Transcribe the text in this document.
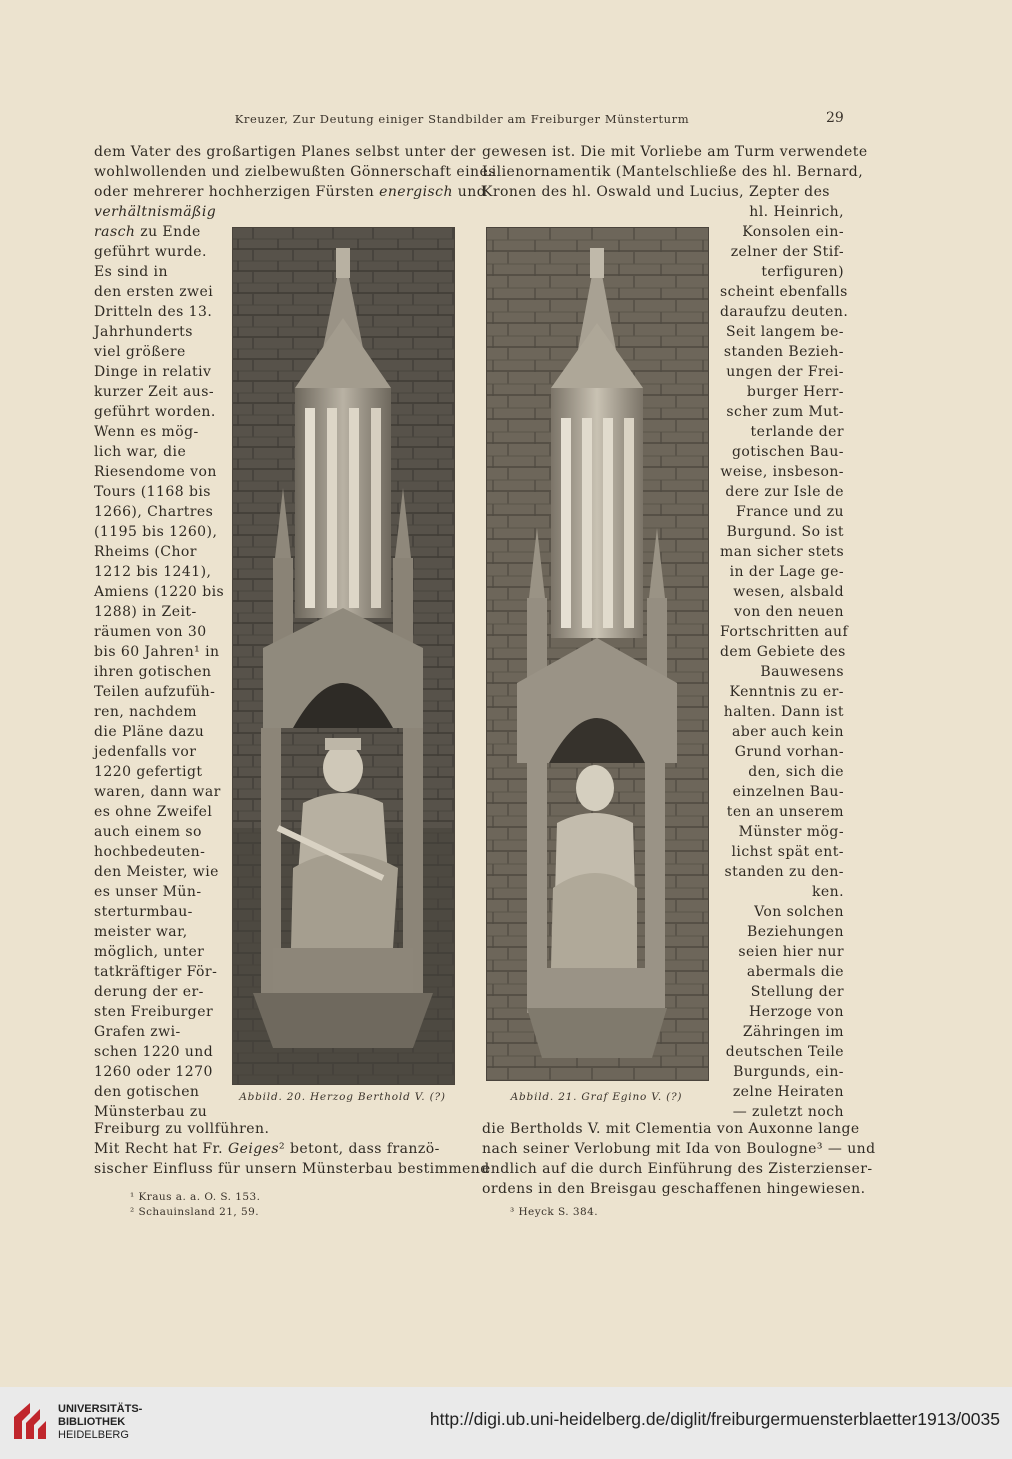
Kreuzer, Zur Deutung einiger Standbilder am Freiburger Münsterturm	29
dem Vater des großartigen Planes selbst unter der
wohlwollenden und zielbewußten Gönnerschaft eines
oder mehrerer hochherzigen Fürsten energisch und
verhältnismäßig
rasch zu Ende
geführt wurde.
Es sind in
den ersten zwei
Dritteln des 13.
Jahrhunderts
viel größere
Dinge in relativ
kurzer Zeit aus-
geführt worden.
Wenn es mög-
lich war, die
Riesendome von
Tours (1168 bis
1266), Chartres
(1195 bis 1260),
Rheims (Chor
1212 bis 1241),
Amiens (1220 bis
1288) in Zeit-
räumen von 30
bis 60 Jahren¹ in
ihren gotischen
Teilen aufzufüh-
ren, nachdem
die Pläne dazu
jedenfalls vor
1220 gefertigt
waren, dann war
es ohne Zweifel
auch einem so
hochbedeuten-
den Meister, wie
es unser Mün-
sterturmbau-
meister war,
möglich, unter
tatkräftiger För-
derung der er-
sten Freiburger
Grafen zwi-
schen 1220 und
1260 oder 1270
den gotischen
Münsterbau zu
Freiburg zu vollführen.
Mit Recht hat Fr. Geiges² betont, dass franzö-
sischer Einfluss für unsern Münsterbau bestimmend
gewesen ist. Die mit Vorliebe am Turm verwendete
Lilienornamentik (Mantelschließe des hl. Bernard,
Kronen des hl. Oswald und Lucius, Zepter des
hl. Heinrich,
Konsolen ein-
zelner der Stif-
terfiguren)
scheint ebenfalls
daraufzu deuten.
Seit langem be-
standen Bezieh-
ungen der Frei-
burger Herr-
scher zum Mut-
terlande der
gotischen Bau-
weise, insbeson-
dere zur Isle de
France und zu
Burgund. So ist
man sicher stets
in der Lage ge-
wesen, alsbald
von den neuen
Fortschritten auf
dem Gebiete des
Bauwesens
Kenntnis zu er-
halten. Dann ist
aber auch kein
Grund vorhan-
den, sich die
einzelnen Bau-
ten an unserem
Münster mög-
lichst spät ent-
standen zu den-
ken.
Von solchen
Beziehungen
seien hier nur
abermals die
Stellung der
Herzoge von
Zähringen im
deutschen Teile
Burgunds, ein-
zelne Heiraten
— zuletzt noch
die Bertholds V. mit Clementia von Auxonne lange
nach seiner Verlobung mit Ida von Boulogne³ — und
endlich auf die durch Einführung des Zisterzienser-
ordens in den Breisgau geschaffenen hingewiesen.
Abbild. 20. Herzog Berthold V. (?)	Abbild. 21. Graf Egino V. (?)
¹ Kraus a. a. O. S. 153.
² Schauinsland 21, 59.	³ Heyck S. 384.
UNIVERSITÄTS-
BIBLIOTHEK
HEIDELBERG
http://digi.ub.uni-heidelberg.de/diglit/freiburgermuensterblaetter1913/0035
